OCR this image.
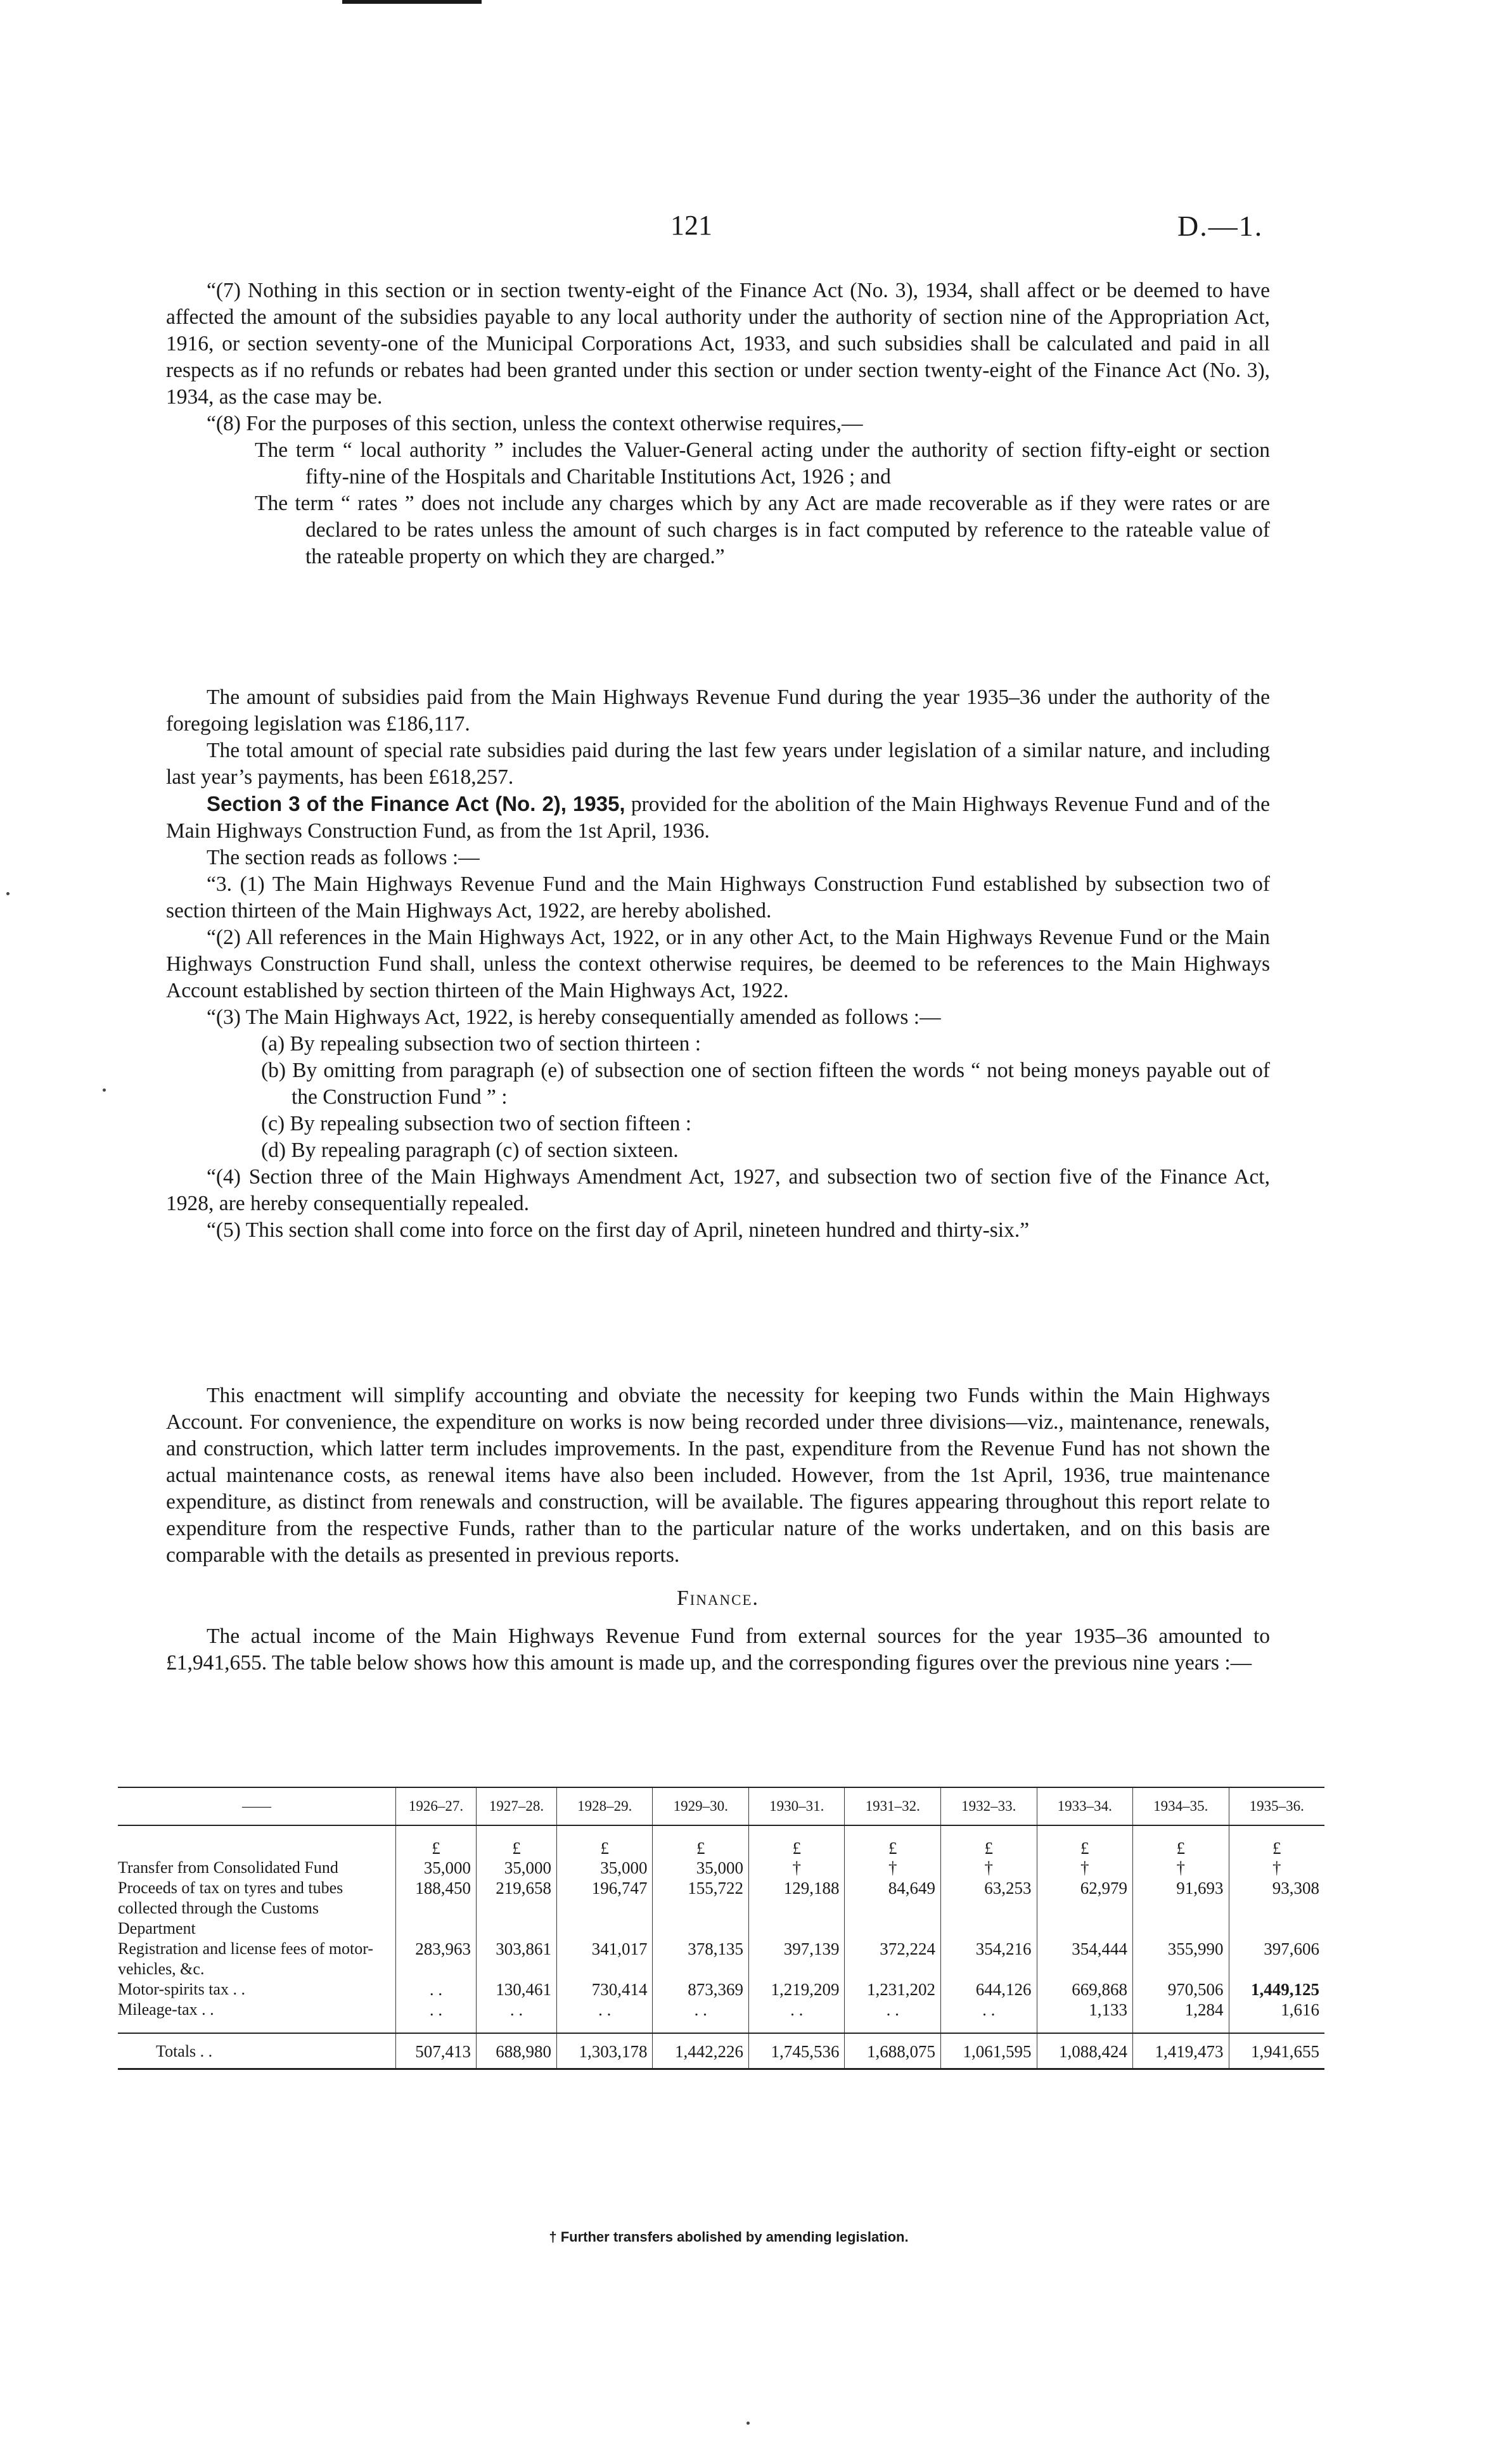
121	D.—1.

“(7) Nothing in this section or in section twenty-eight of the Finance Act (No. 3), 1934, shall affect or be deemed to have affected the amount of the subsidies payable to any local authority under the authority of section nine of the Appropriation Act, 1916, or section seventy-one of the Municipal Corporations Act, 1933, and such subsidies shall be calculated and paid in all respects as if no refunds or rebates had been granted under this section or under section twenty-eight of the Finance Act (No. 3), 1934, as the case may be.

“(8) For the purposes of this section, unless the context otherwise requires,—

The term “ local authority ” includes the Valuer-General acting under the authority of section fifty-eight or section fifty-nine of the Hospitals and Charitable Institutions Act, 1926 ; and

The term “ rates ” does not include any charges which by any Act are made recoverable as if they were rates or are declared to be rates unless the amount of such charges is in fact computed by reference to the rateable value of the rateable property on which they are charged.”

The amount of subsidies paid from the Main Highways Revenue Fund during the year 1935–36 under the authority of the foregoing legislation was £186,117.

The total amount of special rate subsidies paid during the last few years under legislation of a similar nature, and including last year’s payments, has been £618,257.

Section 3 of the Finance Act (No. 2), 1935, provided for the abolition of the Main Highways Revenue Fund and of the Main Highways Construction Fund, as from the 1st April, 1936.

The section reads as follows :—

“3. (1) The Main Highways Revenue Fund and the Main Highways Construction Fund established by subsection two of section thirteen of the Main Highways Act, 1922, are hereby abolished.

“(2) All references in the Main Highways Act, 1922, or in any other Act, to the Main Highways Revenue Fund or the Main Highways Construction Fund shall, unless the context otherwise requires, be deemed to be references to the Main Highways Account established by section thirteen of the Main Highways Act, 1922.

“(3) The Main Highways Act, 1922, is hereby consequentially amended as follows :—

(a) By repealing subsection two of section thirteen :

(b) By omitting from paragraph (e) of subsection one of section fifteen the words “ not being moneys payable out of the Construction Fund ” :

(c) By repealing subsection two of section fifteen :

(d) By repealing paragraph (c) of section sixteen.

“(4) Section three of the Main Highways Amendment Act, 1927, and subsection two of section five of the Finance Act, 1928, are hereby consequentially repealed.

“(5) This section shall come into force on the first day of April, nineteen hundred and thirty-six.”

This enactment will simplify accounting and obviate the necessity for keeping two Funds within the Main Highways Account. For convenience, the expenditure on works is now being recorded under three divisions—viz., maintenance, renewals, and construction, which latter term includes improvements. In the past, expenditure from the Revenue Fund has not shown the actual maintenance costs, as renewal items have also been included. However, from the 1st April, 1936, true maintenance expenditure, as distinct from renewals and construction, will be available. The figures appearing throughout this report relate to expenditure from the respective Funds, rather than to the particular nature of the works undertaken, and on this basis are comparable with the details as presented in previous reports.

Finance.

The actual income of the Main Highways Revenue Fund from external sources for the year 1935–36 amounted to £1,941,655. The table below shows how this amount is made up, and the corresponding figures over the previous nine years :—

——	1926–27.	1927–28.	1928–29.	1929–30.	1930–31.	1931–32.	1932–33.	1933–34.	1934–35.	1935–36.

	£	£	£	£	£	£	£	£	£	£
Transfer from Consolidated Fund	35,000	35,000	35,000	35,000	†	†	†	†	†	†
Proceeds of tax on tyres and tubes collected through the Customs Department	188,450	219,658	196,747	155,722	129,188	84,649	63,253	62,979	91,693	93,308
Registration and license fees of motor-vehicles, &c.	283,963	303,861	341,017	378,135	397,139	372,224	354,216	354,444	355,990	397,606
Motor-spirits tax . .	. .	130,461	730,414	873,369	1,219,209	1,231,202	644,126	669,868	970,506	1,449,125
Mileage-tax . .	. .	. .	. .	. .	. .	. .	. .	1,133	1,284	1,616

Totals . .	507,413	688,980	1,303,178	1,442,226	1,745,536	1,688,075	1,061,595	1,088,424	1,419,473	1,941,655
† Further transfers abolished by amending legislation.
